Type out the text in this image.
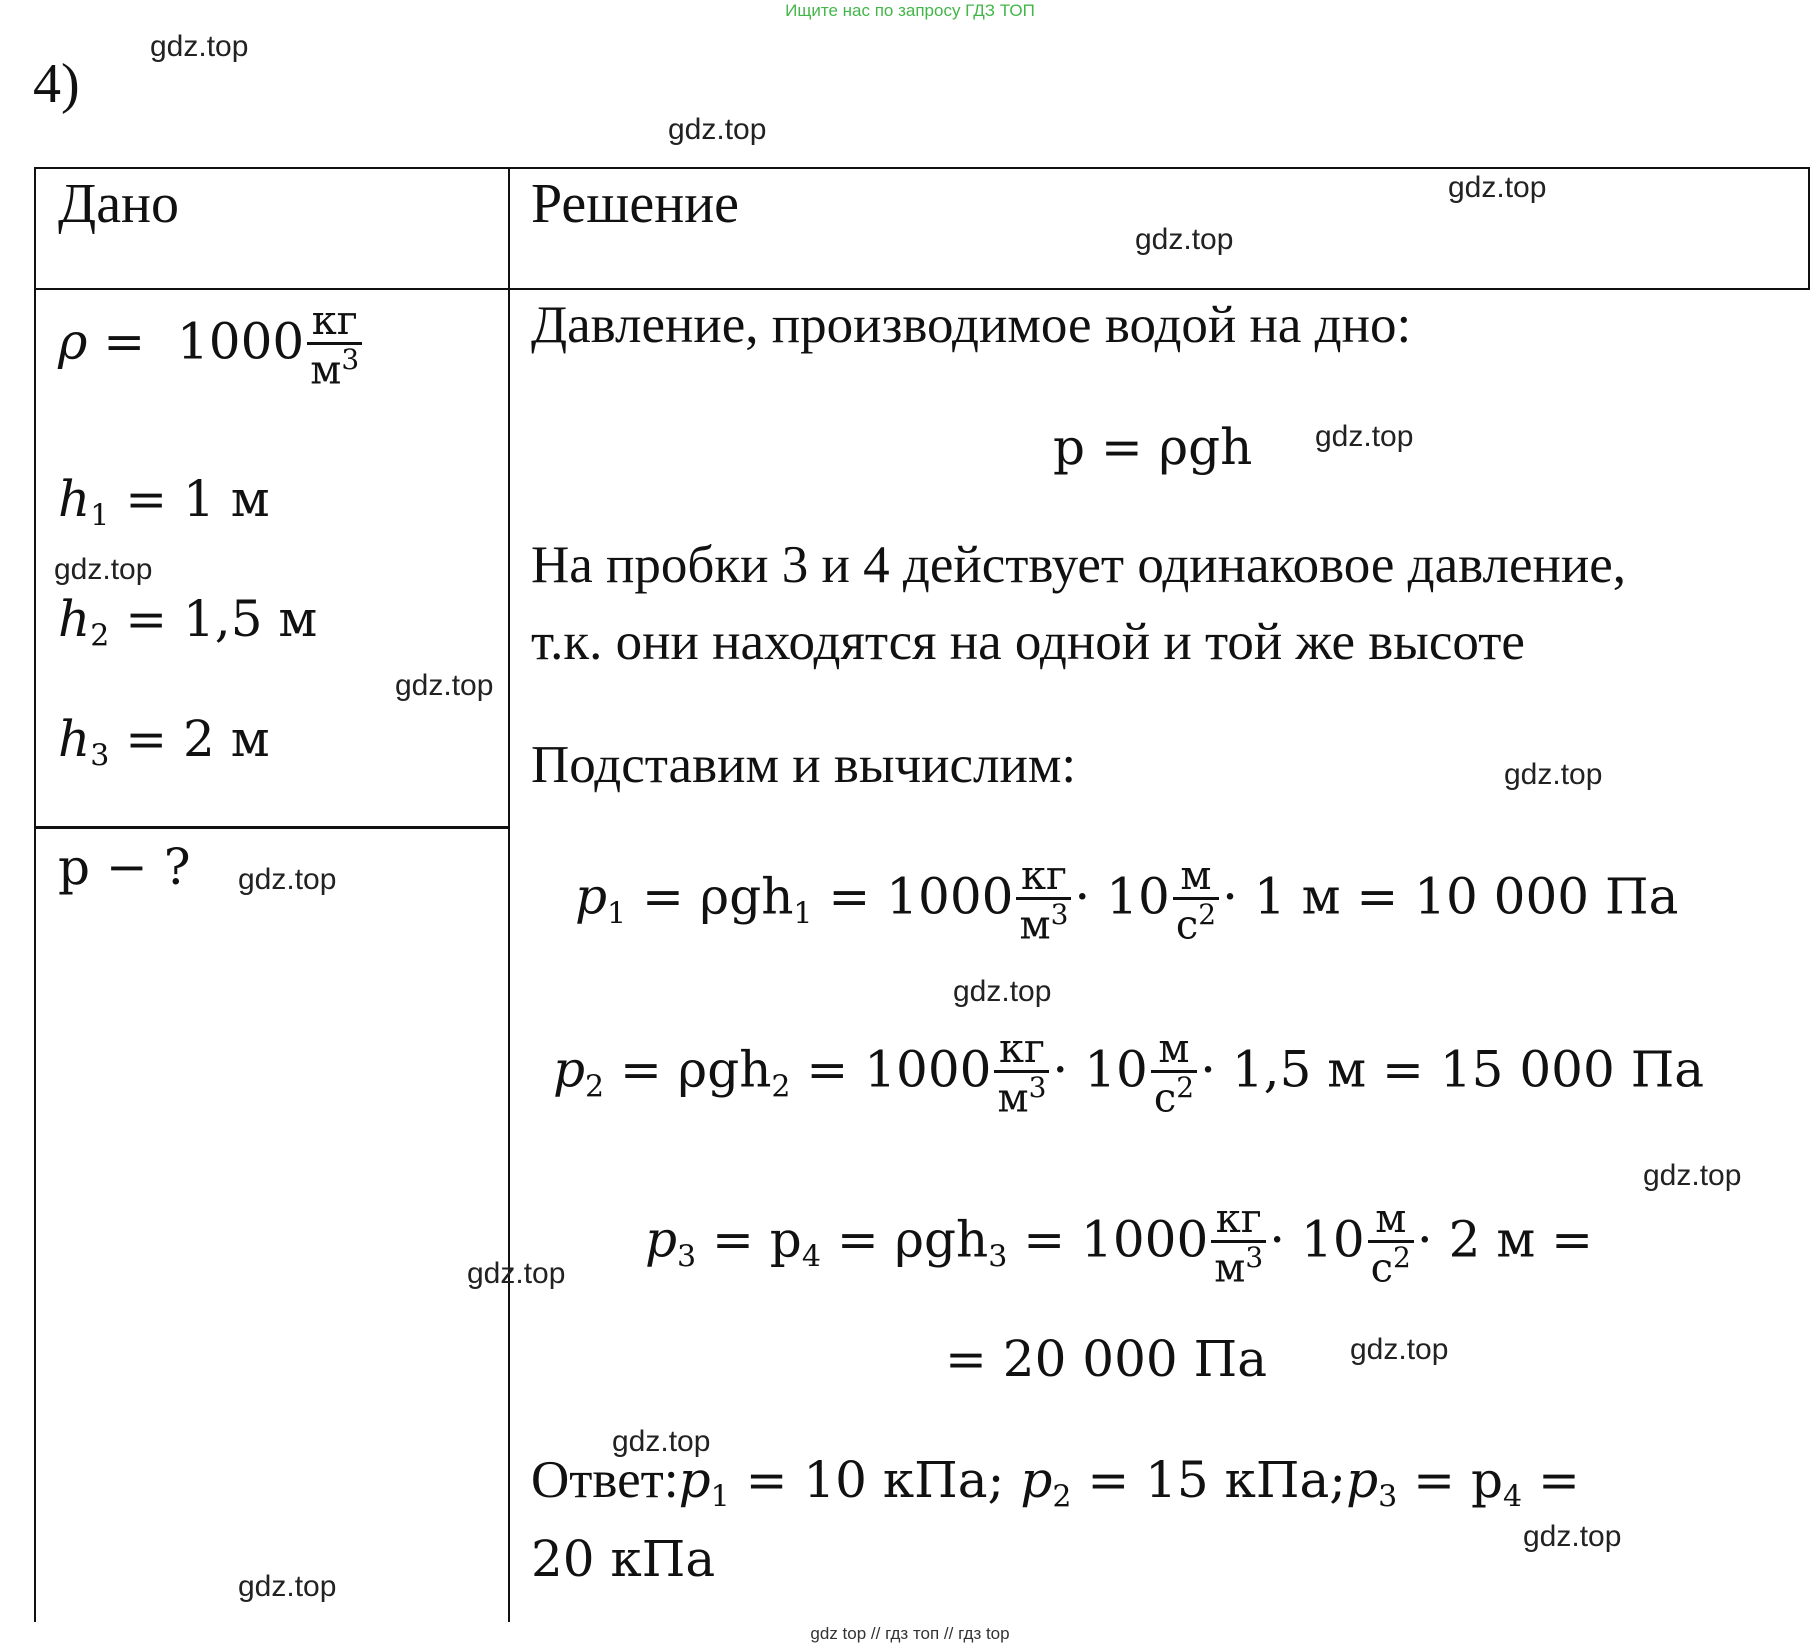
Ищите нас по запросу ГДЗ ТОП
4)
Дано	Решение
$\rho = 1000 \frac{кг}{м^3}$
$h_1 = 1$ м
$h_2 = 1,5$ м
$h_3 = 2$ м
p − ?
Давление, производимое водой на дно:
p = ρgh
На пробки 3 и 4 действует одинаковое давление,
т.к. они находятся на одной и той же высоте
Подставим и вычислим:
$p_1 = \rho gh_1 = 1000 \frac{кг}{м^3} \cdot 10 \frac{м}{с^2} \cdot 1$ м = 10 000 Па
$p_2 = \rho gh_2 = 1000 \frac{кг}{м^3} \cdot 10 \frac{м}{с^2} \cdot 1,5$ м = 15 000 Па
$p_3 = p_4 = \rho gh_3 = 1000 \frac{кг}{м^3} \cdot 10 \frac{м}{с^2} \cdot 2$ м =
= 20 000 Па
$Ответ:p_1 = 10$ кПа; $p_2 = 15$ $кПа;p_3 = p_4$ =
20 кПа
gdz.top
gdz.top
gdz.top
gdz.top
gdz.top
gdz.top
gdz.top
gdz.top
gdz.top
gdz.top
gdz.top
gdz.top
gdz.top
gdz.top
gdz.top
gdz.top
gdz top // гдз топ // гдз top
